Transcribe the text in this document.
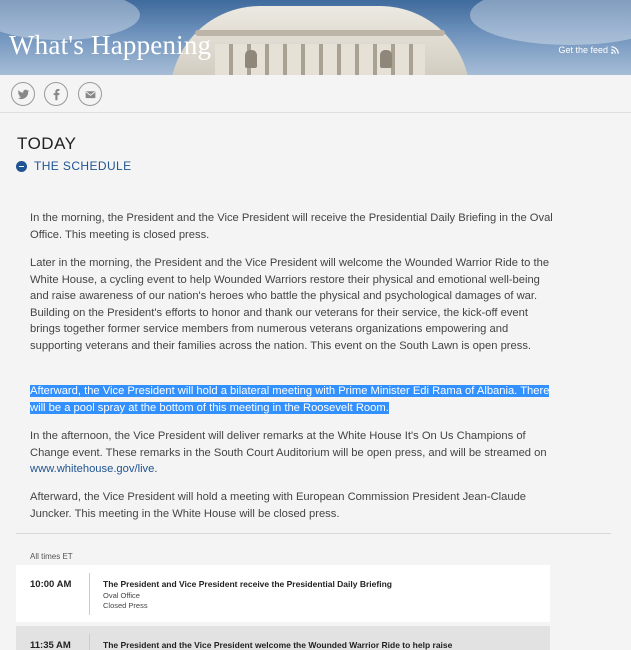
What's Happening	Get the feed
TODAY
THE SCHEDULE

In the morning, the President and the Vice President will receive the Presidential Daily Briefing in the Oval Office. This meeting is closed press.

Later in the morning, the President and the Vice President will welcome the Wounded Warrior Ride to the White House, a cycling event to help Wounded Warriors restore their physical and emotional well-being and raise awareness of our nation's heroes who battle the physical and psychological damages of war. Building on the President's efforts to honor and thank our veterans for their service, the kick-off event brings together former service members from numerous veterans organizations empowering and supporting veterans and their families across the nation. This event on the South Lawn is open press.

Afterward, the Vice President will hold a bilateral meeting with Prime Minister Edi Rama of Albania. There will be a pool spray at the bottom of this meeting in the Roosevelt Room.

In the afternoon, the Vice President will deliver remarks at the White House It's On Us Champions of Change event. These remarks in the South Court Auditorium will be open press, and will be streamed on www.whitehouse.gov/live.

Afterward, the Vice President will hold a meeting with European Commission President Jean-Claude Juncker. This meeting in the White House will be closed press.

All times ET
10:00 AM	The President and Vice President receive the Presidential Daily Briefing
Oval Office
Closed Press
11:35 AM	The President and the Vice President welcome the Wounded Warrior Ride to help raise
